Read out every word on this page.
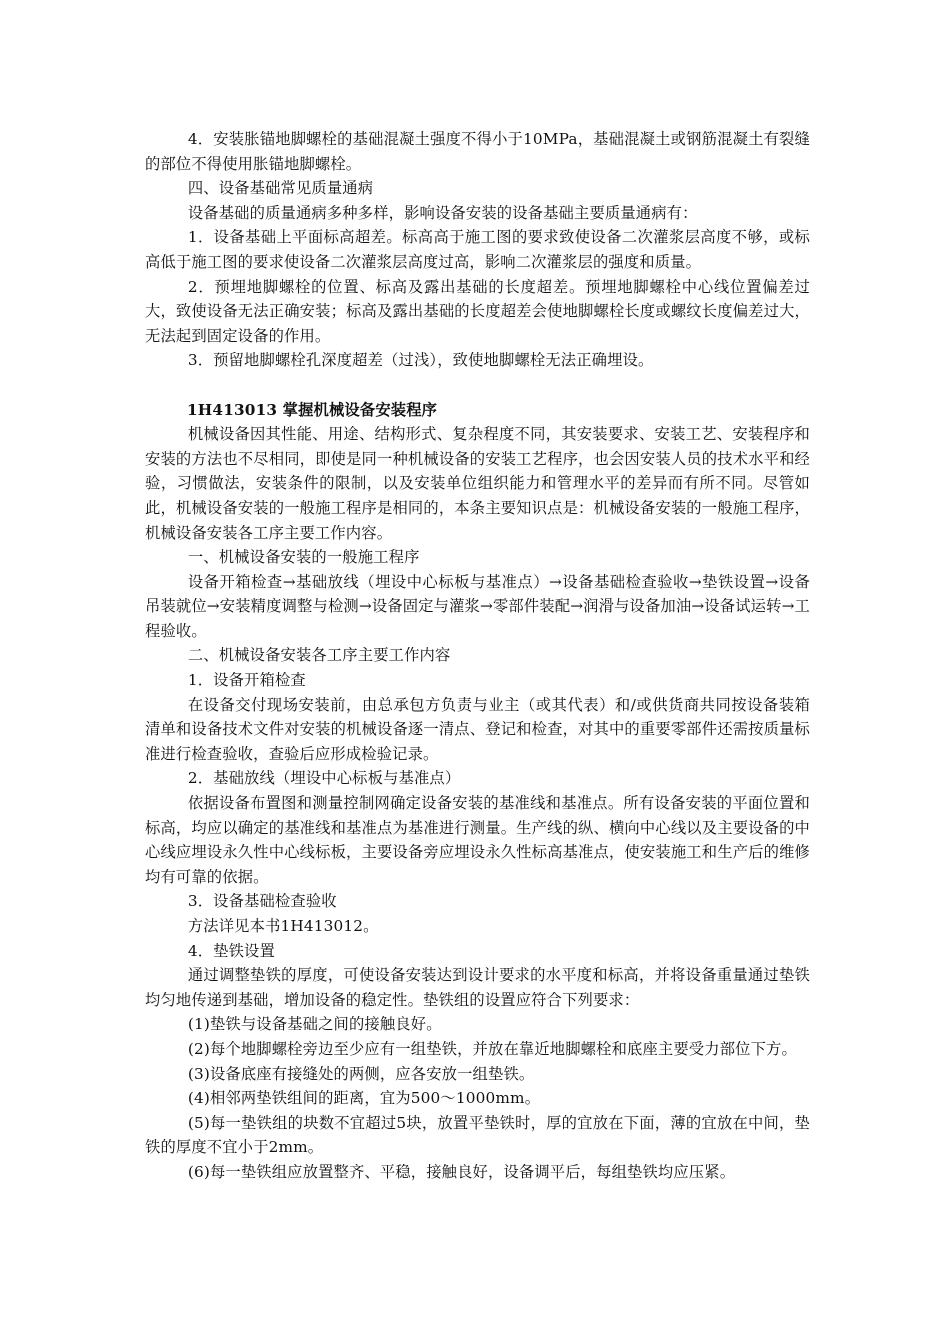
4．安装胀锚地脚螺栓的基础混凝土强度不得小于10MPa，基础混凝土或钢筋混凝土有裂缝的部位不得使用胀锚地脚螺栓。

四、设备基础常见质量通病

设备基础的质量通病多种多样，影响设备安装的设备基础主要质量通病有：

1．设备基础上平面标高超差。标高高于施工图的要求致使设备二次灌浆层高度不够，或标高低于施工图的要求使设备二次灌浆层高度过高，影响二次灌浆层的强度和质量。

2．预埋地脚螺栓的位置、标高及露出基础的长度超差。预埋地脚螺栓中心线位置偏差过大，致使设备无法正确安装；标高及露出基础的长度超差会使地脚螺栓长度或螺纹长度偏差过大，无法起到固定设备的作用。

3．预留地脚螺栓孔深度超差（过浅），致使地脚螺栓无法正确埋设。

1H413013 掌握机械设备安装程序

机械设备因其性能、用途、结构形式、复杂程度不同，其安装要求、安装工艺、安装程序和安装的方法也不尽相同，即使是同一种机械设备的安装工艺程序，也会因安装人员的技术水平和经验，习惯做法，安装条件的限制，以及安装单位组织能力和管理水平的差异而有所不同。尽管如此，机械设备安装的一般施工程序是相同的，本条主要知识点是：机械设备安装的一般施工程序，机械设备安装各工序主要工作内容。

一、机械设备安装的一般施工程序

设备开箱检查→基础放线（埋设中心标板与基准点）→设备基础检查验收→垫铁设置→设备吊装就位→安装精度调整与检测→设备固定与灌浆→零部件装配→润滑与设备加油→设备试运转→工程验收。

二、机械设备安装各工序主要工作内容

1．设备开箱检查

在设备交付现场安装前，由总承包方负责与业主（或其代表）和/或供货商共同按设备装箱清单和设备技术文件对安装的机械设备逐一清点、登记和检查，对其中的重要零部件还需按质量标准进行检查验收，查验后应形成检验记录。

2．基础放线（埋设中心标板与基准点）

依据设备布置图和测量控制网确定设备安装的基准线和基准点。所有设备安装的平面位置和标高，均应以确定的基准线和基准点为基准进行测量。生产线的纵、横向中心线以及主要设备的中心线应埋设永久性中心线标板，主要设备旁应埋设永久性标高基准点，使安装施工和生产后的维修均有可靠的依据。

3．设备基础检查验收

方法详见本书1H413012。

4．垫铁设置

通过调整垫铁的厚度，可使设备安装达到设计要求的水平度和标高，并将设备重量通过垫铁均匀地传递到基础，增加设备的稳定性。垫铁组的设置应符合下列要求：

(1)垫铁与设备基础之间的接触良好。

(2)每个地脚螺栓旁边至少应有一组垫铁，并放在靠近地脚螺栓和底座主要受力部位下方。

(3)设备底座有接缝处的两侧，应各安放一组垫铁。

(4)相邻两垫铁组间的距离，宜为500～1000mm。

(5)每一垫铁组的块数不宜超过5块，放置平垫铁时，厚的宜放在下面，薄的宜放在中间，垫铁的厚度不宜小于2mm。

(6)每一垫铁组应放置整齐、平稳，接触良好，设备调平后，每组垫铁均应压紧。
